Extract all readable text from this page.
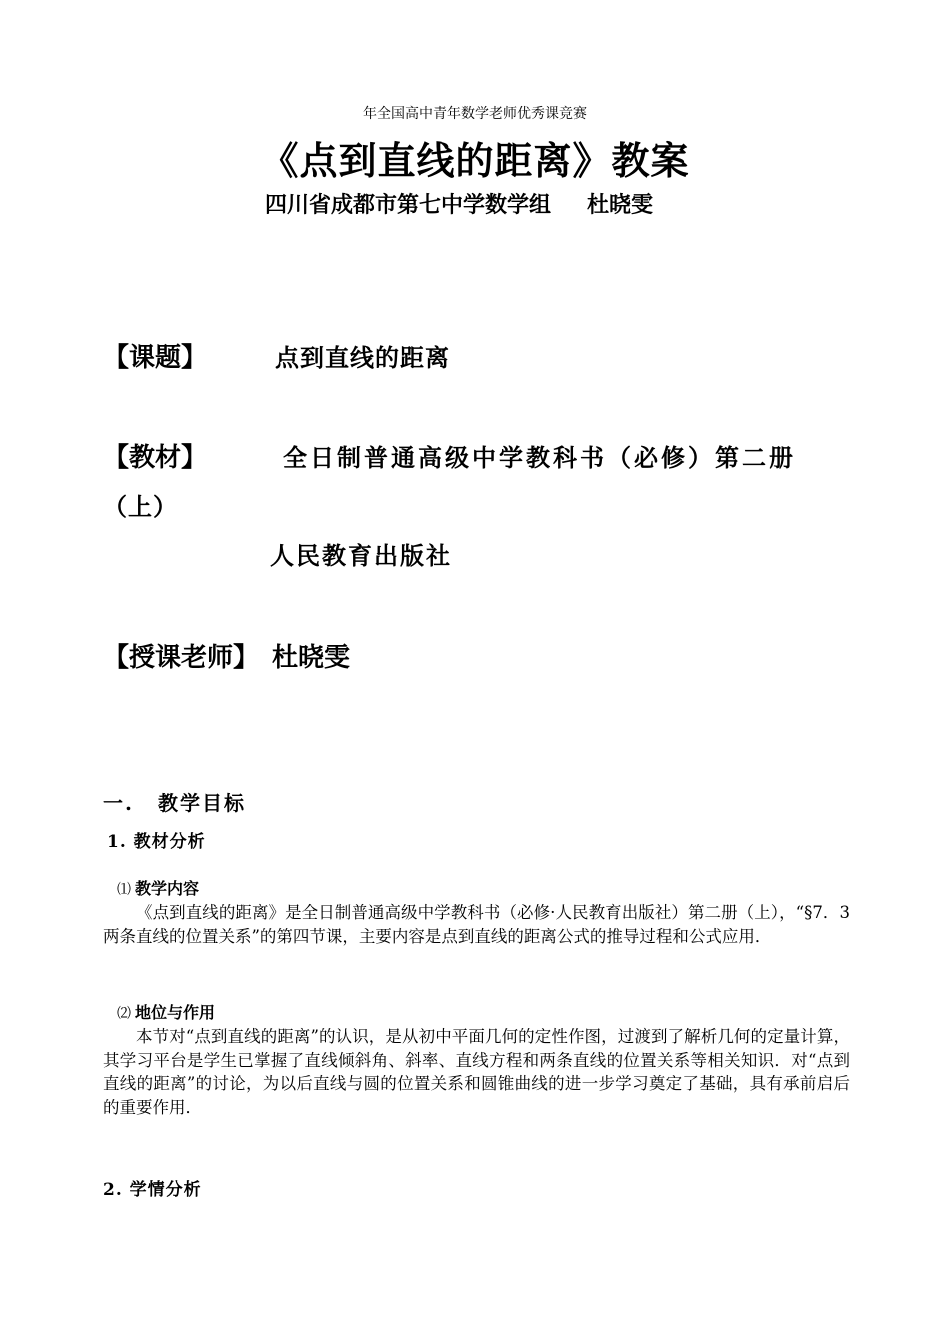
年全国高中青年数学老师优秀课竞赛
《点到直线的距离》教案
四川省成都市第七中学数学组 杜晓雯
【课题】	点到直线的距离
【教材】	全日制普通高级中学教科书（必修）第二册
（上）
人民教育出版社
【授课老师】 杜晓雯
一. 教学目标
1. 教材分析
⑴ 教学内容
《点到直线的距离》是全日制普通高级中学教科书（必修·人民教育出版社）第二册（上），“§7．3两条直线的位置关系”的第四节课，主要内容是点到直线的距离公式的推导过程和公式应用．
⑵ 地位与作用
本节对“点到直线的距离”的认识，是从初中平面几何的定性作图，过渡到了解析几何的定量计算，其学习平台是学生已掌握了直线倾斜角、斜率、直线方程和两条直线的位置关系等相关知识．对“点到直线的距离”的讨论，为以后直线与圆的位置关系和圆锥曲线的进一步学习奠定了基础，具有承前启后的重要作用．
2. 学情分析
